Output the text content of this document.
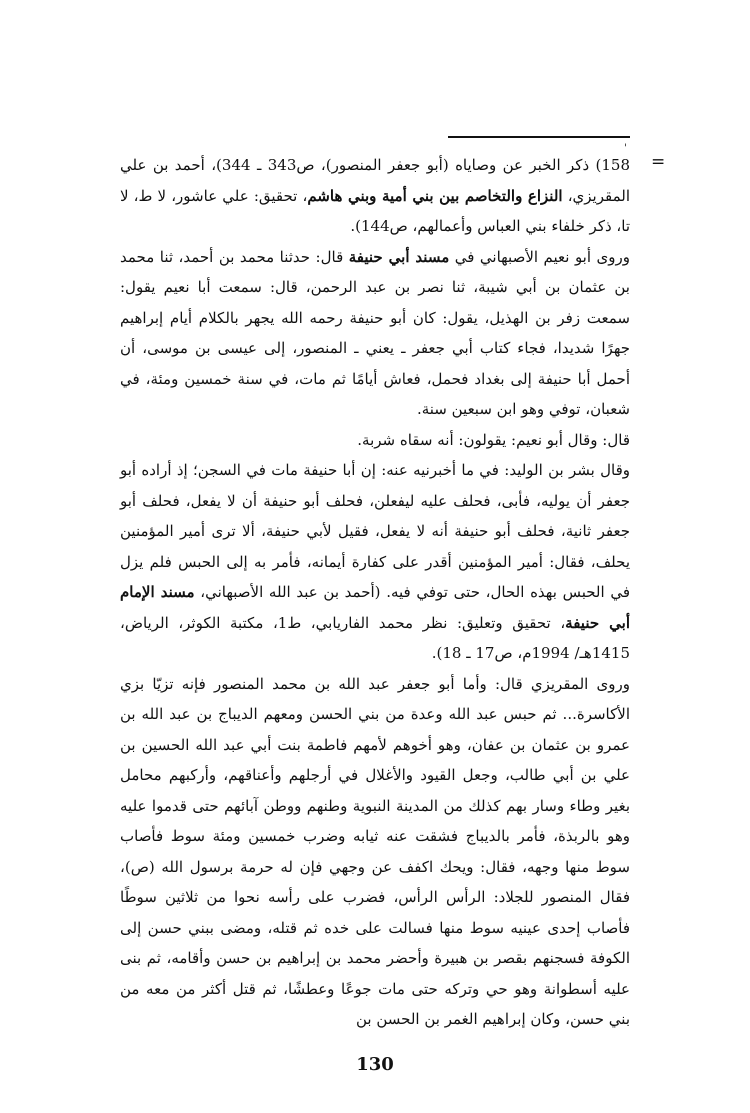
'
=

158) ذكر الخبر عن وصاياه (أبو جعفر المنصور)، ص343 ـ 344)، أحمد بن علي المقريزي، النزاع والتخاصم بين بني أمية وبني هاشم، تحقيق: علي عاشور، لا ط، لا تا، ذكر خلفاء بني العباس وأعمالهم، ص144).

وروى أبو نعيم الأصبهاني في مسند أبي حنيفة قال: حدثنا محمد بن أحمد، ثنا محمد بن عثمان بن أبي شيبة، ثنا نصر بن عبد الرحمن، قال: سمعت أبا نعيم يقول: سمعت زفر بن الهذيل، يقول: كان أبو حنيفة رحمه الله يجهر بالكلام أيام إبراهيم جهرًا شديدا، فجاء كتاب أبي جعفر ـ يعني ـ المنصور، إلى عيسى بن موسى، أن أحمل أبا حنيفة إلى بغداد فحمل، فعاش أيامًا ثم مات، في سنة خمسين ومئة، في شعبان، توفي وهو ابن سبعين سنة.

قال: وقال أبو نعيم: يقولون: أنه سقاه شربة.

وقال بشر بن الوليد: في ما أخبرنيه عنه: إن أبا حنيفة مات في السجن؛ إذ أراده أبو جعفر أن يوليه، فأبى، فحلف عليه ليفعلن، فحلف أبو حنيفة أن لا يفعل، فحلف أبو جعفر ثانية، فحلف أبو حنيفة أنه لا يفعل، فقيل لأبي حنيفة، ألا ترى أمير المؤمنين يحلف، فقال: أمير المؤمنين أقدر على كفارة أيمانه، فأمر به إلى الحبس فلم يزل في الحبس بهذه الحال، حتى توفي فيه. (أحمد بن عبد الله الأصبهاني، مسند الإمام أبي حنيفة، تحقيق وتعليق: نظر محمد الفاريابي، ط1، مكتبة الكوثر، الرياض، 1415هـ/ 1994م، ص17 ـ 18).

وروى المقريزي قال: وأما أبو جعفر عبد الله بن محمد المنصور فإنه تزيّا بزي الأكاسرة... ثم حبس عبد الله وعدة من بني الحسن ومعهم الديباج بن عبد الله بن عمرو بن عثمان بن عفان، وهو أخوهم لأمهم فاطمة بنت أبي عبد الله الحسين بن علي بن أبي طالب، وجعل القيود والأغلال في أرجلهم وأعناقهم، وأركبهم محامل بغير وطاء وسار بهم كذلك من المدينة النبوية وطنهم ووطن آبائهم حتى قدموا عليه وهو بالربذة، فأمر بالديباج فشقت عنه ثيابه وضرب خمسين ومئة سوط فأصاب سوط منها وجهه، فقال: ويحك اكفف عن وجهي فإن له حرمة برسول الله (ص)، فقال المنصور للجلاد: الرأس الرأس، فضرب على رأسه نحوا من ثلاثين سوطًا فأصاب إحدى عينيه سوط منها فسالت على خده ثم قتله، ومضى ببني حسن إلى الكوفة فسجنهم بقصر بن هبيرة وأحضر محمد بن إبراهيم بن حسن وأقامه، ثم بنى عليه أسطوانة وهو حي وتركه حتى مات جوعًا وعطشًا، ثم قتل أكثر من معه من بني حسن، وكان إبراهيم الغمر بن الحسن بن

130
